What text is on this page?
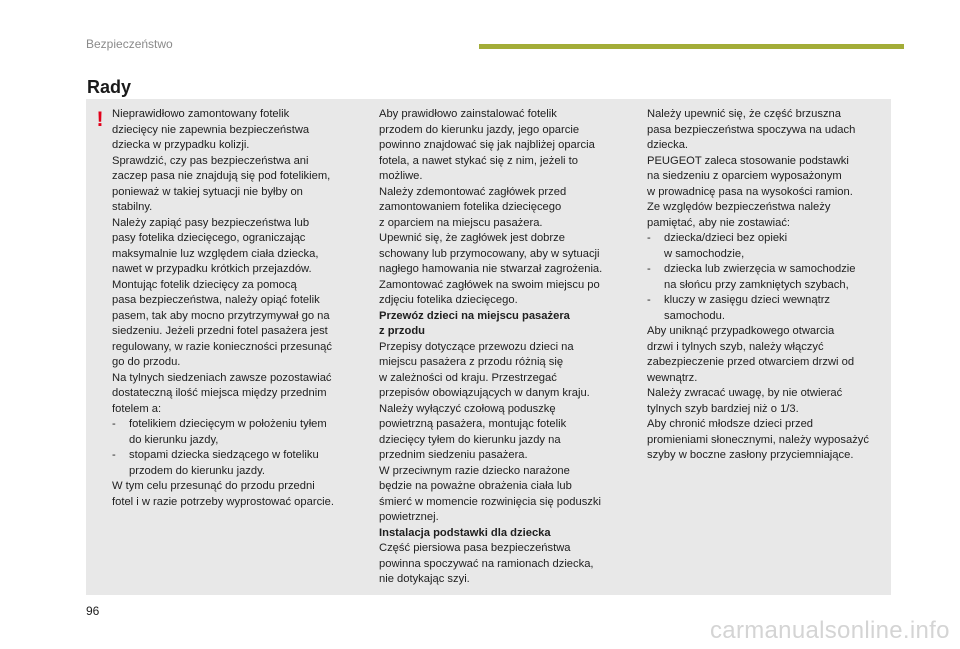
Bezpieczeństwo
Rady
! Nieprawidłowo zamontowany fotelik

dziecięcy nie zapewnia bezpieczeństwa

dziecka w przypadku kolizji.

Sprawdzić, czy pas bezpieczeństwa ani

zaczep pasa nie znajdują się pod fotelikiem,

ponieważ w takiej sytuacji nie byłby on

stabilny.

Należy zapiąć pasy bezpieczeństwa lub

pasy fotelika dziecięcego, ograniczając

maksymalnie luz względem ciała dziecka,

nawet w przypadku krótkich przejazdów.

Montując fotelik dziecięcy za pomocą

pasa bezpieczeństwa, należy opiąć fotelik

pasem, tak aby mocno przytrzymywał go na

siedzeniu. Jeżeli przedni fotel pasażera jest

regulowany, w razie konieczności przesunąć

go do przodu.

Na tylnych siedzeniach zawsze pozostawiać

dostateczną ilość miejsca między przednim

fotelem a:

- fotelikiem dziecięcym w położeniu tyłem

do kierunku jazdy,

- stopami dziecka siedzącego w foteliku

przodem do kierunku jazdy.

W tym celu przesunąć do przodu przedni

fotel i w razie potrzeby wyprostować oparcie.

Aby prawidłowo zainstalować fotelik

przodem do kierunku jazdy, jego oparcie

powinno znajdować się jak najbliżej oparcia

fotela, a nawet stykać się z nim, jeżeli to

możliwe.

Należy zdemontować zagłówek przed

zamontowaniem fotelika dziecięcego

z oparciem na miejscu pasażera.

Upewnić się, że zagłówek jest dobrze

schowany lub przymocowany, aby w sytuacji

nagłego hamowania nie stwarzał zagrożenia.

Zamontować zagłówek na swoim miejscu po

zdjęciu fotelika dziecięcego.

Przewóz dzieci na miejscu pasażera

z przodu

Przepisy dotyczące przewozu dzieci na

miejscu pasażera z przodu różnią się

w zależności od kraju. Przestrzegać

przepisów obowiązujących w danym kraju.

Należy wyłączyć czołową poduszkę

powietrzną pasażera, montując fotelik

dziecięcy tyłem do kierunku jazdy na

przednim siedzeniu pasażera.

W przeciwnym razie dziecko narażone

będzie na poważne obrażenia ciała lub

śmierć w momencie rozwinięcia się poduszki

powietrznej.

Instalacja podstawki dla dziecka

Część piersiowa pasa bezpieczeństwa

powinna spoczywać na ramionach dziecka,

nie dotykając szyi.

Należy upewnić się, że część brzuszna

pasa bezpieczeństwa spoczywa na udach

dziecka.

PEUGEOT zaleca stosowanie podstawki

na siedzeniu z oparciem wyposażonym

w prowadnicę pasa na wysokości ramion.

Ze względów bezpieczeństwa należy

pamiętać, aby nie zostawiać:

- dziecka/dzieci bez opieki

w samochodzie,

- dziecka lub zwierzęcia w samochodzie

na słońcu przy zamkniętych szybach,

- kluczy w zasięgu dzieci wewnątrz

samochodu.

Aby uniknąć przypadkowego otwarcia

drzwi i tylnych szyb, należy włączyć

zabezpieczenie przed otwarciem drzwi od

wewnątrz.

Należy zwracać uwagę, by nie otwierać

tylnych szyb bardziej niż o 1/3.

Aby chronić młodsze dzieci przed

promieniami słonecznymi, należy wyposażyć

szyby w boczne zasłony przyciemniające.

96
carmanualsonline.info
